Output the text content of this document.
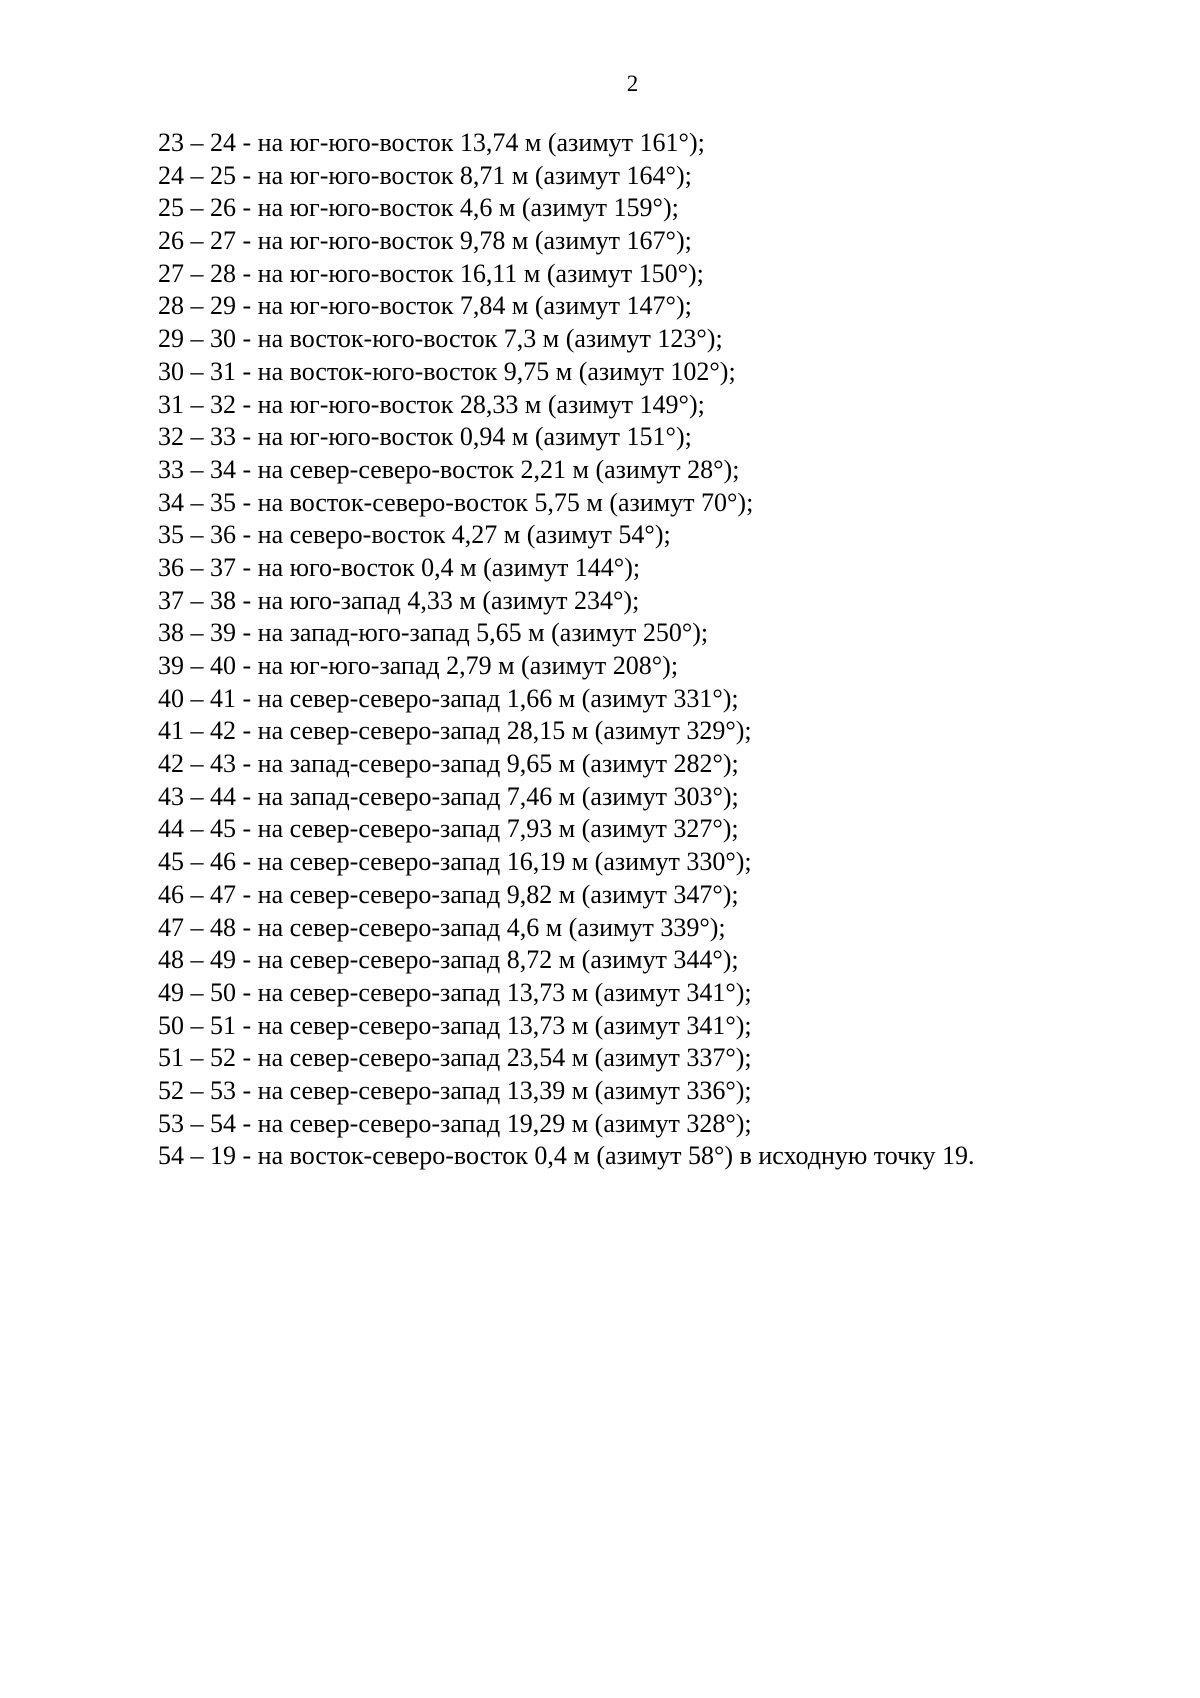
2

23 – 24 - на юг-юго-восток 13,74 м (азимут 161°);
24 – 25 - на юг-юго-восток 8,71 м (азимут 164°);
25 – 26 - на юг-юго-восток 4,6 м (азимут 159°);
26 – 27 - на юг-юго-восток 9,78 м (азимут 167°);
27 – 28 - на юг-юго-восток 16,11 м (азимут 150°);
28 – 29 - на юг-юго-восток 7,84 м (азимут 147°);
29 – 30 - на восток-юго-восток 7,3 м (азимут 123°);
30 – 31 - на восток-юго-восток 9,75 м (азимут 102°);
31 – 32 - на юг-юго-восток 28,33 м (азимут 149°);
32 – 33 - на юг-юго-восток 0,94 м (азимут 151°);
33 – 34 - на север-северо-восток 2,21 м (азимут 28°);
34 – 35 - на восток-северо-восток 5,75 м (азимут 70°);
35 – 36 - на северо-восток 4,27 м (азимут 54°);
36 – 37 - на юго-восток 0,4 м (азимут 144°);
37 – 38 - на юго-запад 4,33 м (азимут 234°);
38 – 39 - на запад-юго-запад 5,65 м (азимут 250°);
39 – 40 - на юг-юго-запад 2,79 м (азимут 208°);
40 – 41 - на север-северо-запад 1,66 м (азимут 331°);
41 – 42 - на север-северо-запад 28,15 м (азимут 329°);
42 – 43 - на запад-северо-запад 9,65 м (азимут 282°);
43 – 44 - на запад-северо-запад 7,46 м (азимут 303°);
44 – 45 - на север-северо-запад 7,93 м (азимут 327°);
45 – 46 - на север-северо-запад 16,19 м (азимут 330°);
46 – 47 - на север-северо-запад 9,82 м (азимут 347°);
47 – 48 - на север-северо-запад 4,6 м (азимут 339°);
48 – 49 - на север-северо-запад 8,72 м (азимут 344°);
49 – 50 - на север-северо-запад 13,73 м (азимут 341°);
50 – 51 - на север-северо-запад 13,73 м (азимут 341°);
51 – 52 - на север-северо-запад 23,54 м (азимут 337°);
52 – 53 - на север-северо-запад 13,39 м (азимут 336°);
53 – 54 - на север-северо-запад 19,29 м (азимут 328°);
54 – 19 - на восток-северо-восток 0,4 м (азимут 58°) в исходную точку 19.
